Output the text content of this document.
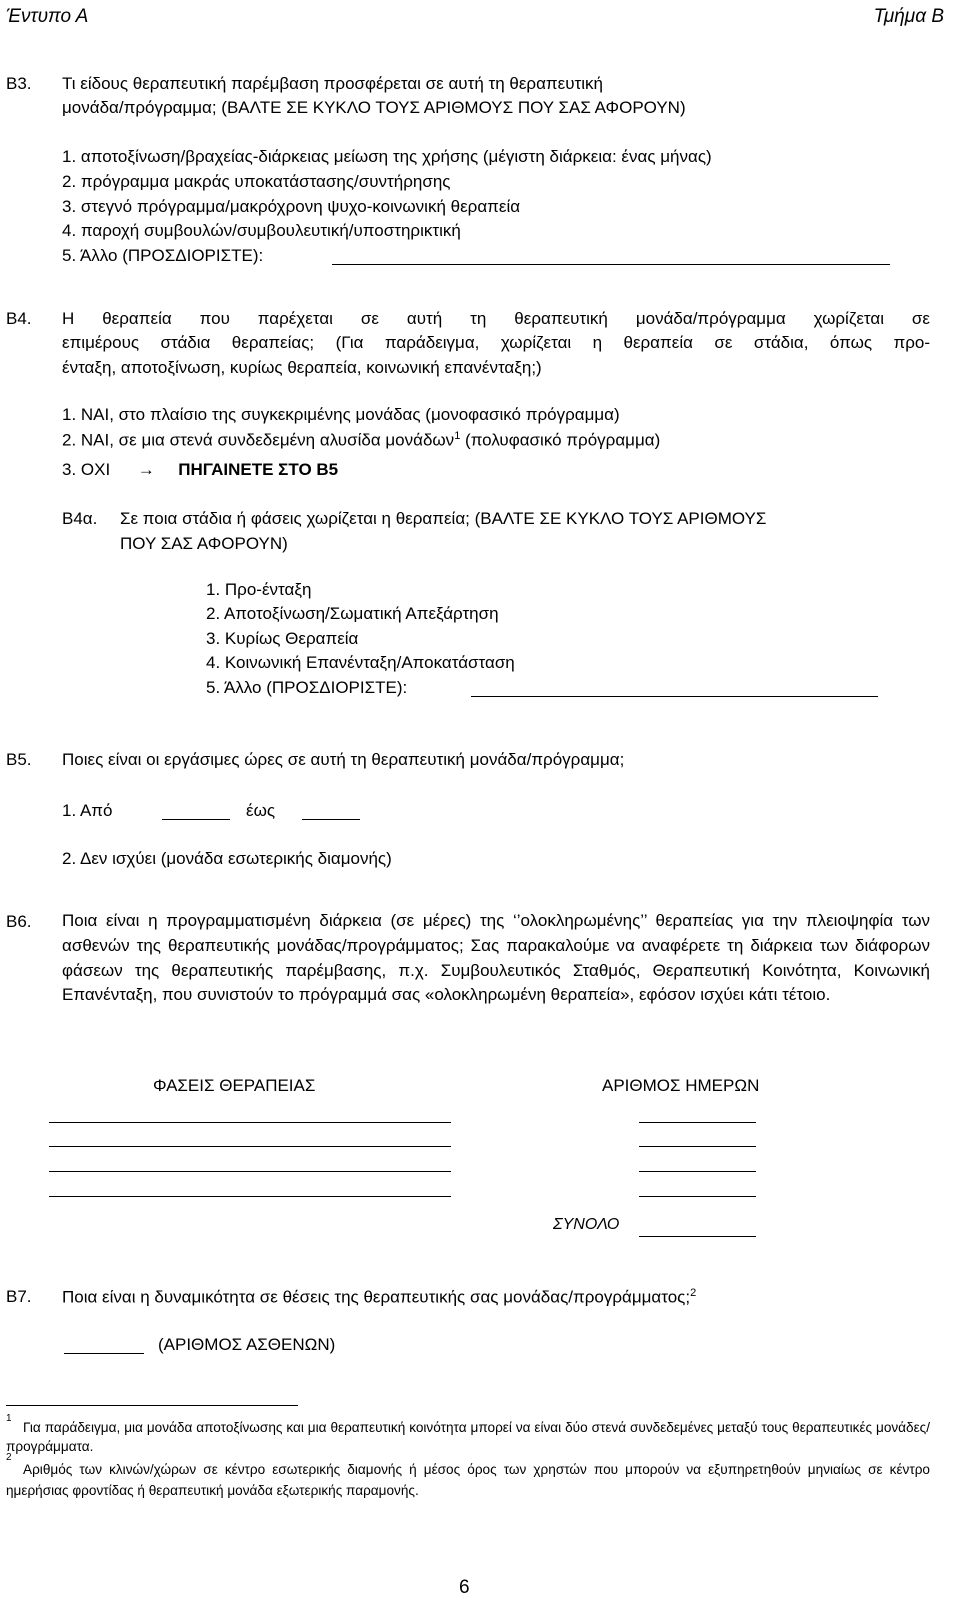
Έντυπο Α	Τμήμα Β
B3. Τι είδους θεραπευτική παρέμβαση προσφέρεται σε αυτή τη θεραπευτική
μονάδα/πρόγραμμα; (ΒΑΛΤΕ ΣΕ ΚΥΚΛΟ ΤΟΥΣ ΑΡΙΘΜΟΥΣ ΠΟΥ ΣΑΣ ΑΦΟΡΟΥΝ)
1. αποτοξίνωση/βραχείας-διάρκειας μείωση της χρήσης (μέγιστη διάρκεια: ένας μήνας)
2. πρόγραμμα μακράς υποκατάστασης/συντήρησης
3. στεγνό πρόγραμμα/μακρόχρονη ψυχο-κοινωνική θεραπεία
4. παροχή συμβουλών/συμβουλευτική/υποστηρικτική
5. Άλλο (ΠΡΟΣΔΙΟΡΙΣΤΕ):
B4. Η θεραπεία που παρέχεται σε αυτή τη θεραπευτική μονάδα/πρόγραμμα χωρίζεται σε
επιμέρους στάδια θεραπείας; (Για παράδειγμα, χωρίζεται η θεραπεία σε στάδια, όπως προ-
ένταξη, αποτοξίνωση, κυρίως θεραπεία, κοινωνική επανένταξη;)
1. ΝΑΙ, στο πλαίσιο της συγκεκριμένης μονάδας (μονοφασικό πρόγραμμα)
2. ΝΑΙ, σε μια στενά συνδεδεμένη αλυσίδα μονάδων$^1$ (πολυφασικό πρόγραμμα)
3. ΟΧΙ → ΠΗΓΑΙΝΕΤΕ ΣΤΟ Β5
Β4α. Σε ποια στάδια ή φάσεις χωρίζεται η θεραπεία; (ΒΑΛΤΕ ΣΕ ΚΥΚΛΟ ΤΟΥΣ ΑΡΙΘΜΟΥΣ
ΠΟΥ ΣΑΣ ΑΦΟΡΟΥΝ)
1. Προ-ένταξη
2. Αποτοξίνωση/Σωματική Απεξάρτηση
3. Κυρίως Θεραπεία
4. Κοινωνική Επανένταξη/Αποκατάσταση
5. Άλλο (ΠΡΟΣΔΙΟΡΙΣΤΕ):
B5. Ποιες είναι οι εργάσιμες ώρες σε αυτή τη θεραπευτική μονάδα/πρόγραμμα;
1. Από	έως
2. Δεν ισχύει (μονάδα εσωτερικής διαμονής)
B6. Ποια είναι η προγραμματισμένη διάρκεια (σε μέρες) της ‘’ολοκληρωμένης’’ θεραπείας για την πλειοψηφία των ασθενών της θεραπευτικής μονάδας/προγράμματος; Σας παρακαλούμε να αναφέρετε τη διάρκεια των διάφορων φάσεων της θεραπευτικής παρέμβασης, π.χ. Συμβουλευτικός Σταθμός, Θεραπευτική Κοινότητα, Κοινωνική Επανένταξη, που συνιστούν το πρόγραμμά σας «ολοκληρωμένη θεραπεία», εφόσον ισχύει κάτι τέτοιο.
ΦΑΣΕΙΣ ΘΕΡΑΠΕΙΑΣ	ΑΡΙΘΜΟΣ ΗΜΕΡΩΝ
ΣΥΝΟΛΟ
B7. Ποια είναι η δυναμικότητα σε θέσεις της θεραπευτικής σας μονάδας/προγράμματος;$^2$
(ΑΡΙΘΜΟΣ ΑΣΘΕΝΩΝ)
1
Για παράδειγμα, μια μονάδα αποτοξίνωσης και μια θεραπευτική κοινότητα μπορεί να είναι δύο στενά συνδεδεμένες μεταξύ τους θεραπευτικές μονάδες/προγράμματα.
2
Αριθμός των κλινών/χώρων σε κέντρο εσωτερικής διαμονής ή μέσος όρος των χρηστών που μπορούν να εξυπηρετηθούν μηνιαίως σε κέντρο ημερήσιας φροντίδας ή θεραπευτική μονάδα εξωτερικής παραμονής.
6
